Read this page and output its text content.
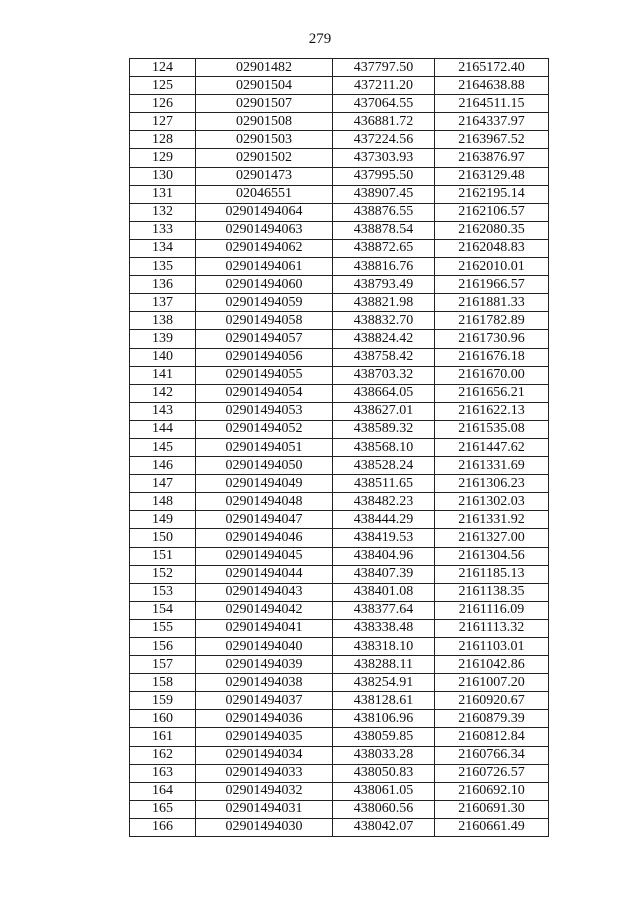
279
124	02901482	437797.50	2165172.40
125	02901504	437211.20	2164638.88
126	02901507	437064.55	2164511.15
127	02901508	436881.72	2164337.97
128	02901503	437224.56	2163967.52
129	02901502	437303.93	2163876.97
130	02901473	437995.50	2163129.48
131	02046551	438907.45	2162195.14
132	02901494064	438876.55	2162106.57
133	02901494063	438878.54	2162080.35
134	02901494062	438872.65	2162048.83
135	02901494061	438816.76	2162010.01
136	02901494060	438793.49	2161966.57
137	02901494059	438821.98	2161881.33
138	02901494058	438832.70	2161782.89
139	02901494057	438824.42	2161730.96
140	02901494056	438758.42	2161676.18
141	02901494055	438703.32	2161670.00
142	02901494054	438664.05	2161656.21
143	02901494053	438627.01	2161622.13
144	02901494052	438589.32	2161535.08
145	02901494051	438568.10	2161447.62
146	02901494050	438528.24	2161331.69
147	02901494049	438511.65	2161306.23
148	02901494048	438482.23	2161302.03
149	02901494047	438444.29	2161331.92
150	02901494046	438419.53	2161327.00
151	02901494045	438404.96	2161304.56
152	02901494044	438407.39	2161185.13
153	02901494043	438401.08	2161138.35
154	02901494042	438377.64	2161116.09
155	02901494041	438338.48	2161113.32
156	02901494040	438318.10	2161103.01
157	02901494039	438288.11	2161042.86
158	02901494038	438254.91	2161007.20
159	02901494037	438128.61	2160920.67
160	02901494036	438106.96	2160879.39
161	02901494035	438059.85	2160812.84
162	02901494034	438033.28	2160766.34
163	02901494033	438050.83	2160726.57
164	02901494032	438061.05	2160692.10
165	02901494031	438060.56	2160691.30
166	02901494030	438042.07	2160661.49
